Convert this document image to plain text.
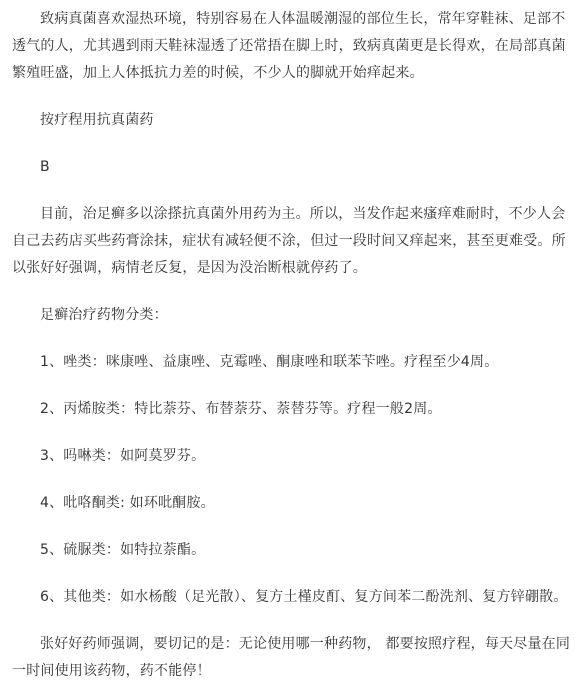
致病真菌喜欢湿热环境，特别容易在人体温暖潮湿的部位生长，常年穿鞋袜、足部不透气的人，尤其遇到雨天鞋袜湿透了还常捂在脚上时，致病真菌更是长得欢，在局部真菌繁殖旺盛，加上人体抵抗力差的时候，不少人的脚就开始痒起来。

按疗程用抗真菌药

B

目前，治足癣多以涂搽抗真菌外用药为主。所以，当发作起来瘙痒难耐时，不少人会自己去药店买些药膏涂抹，症状有减轻便不涂，但过一段时间又痒起来，甚至更难受。所以张好好强调，病情老反复，是因为没治断根就停药了。

足癣治疗药物分类：

1、唑类：咪康唑、益康唑、克霉唑、酮康唑和联苯苄唑。疗程至少4周。

2、丙烯胺类：特比萘芬、布替萘芬、萘替芬等。疗程一般2周。

3、吗啉类：如阿莫罗芬。

4、吡咯酮类: 如环吡酮胺。

5、硫脲类：如特拉萘酯。

6、其他类：如水杨酸（足光散）、复方土槿皮酊、复方间苯二酚洗剂、复方锌硼散。

张好好药师强调，要切记的是：无论使用哪一种药物， 都要按照疗程，每天尽量在同一时间使用该药物，药不能停！
